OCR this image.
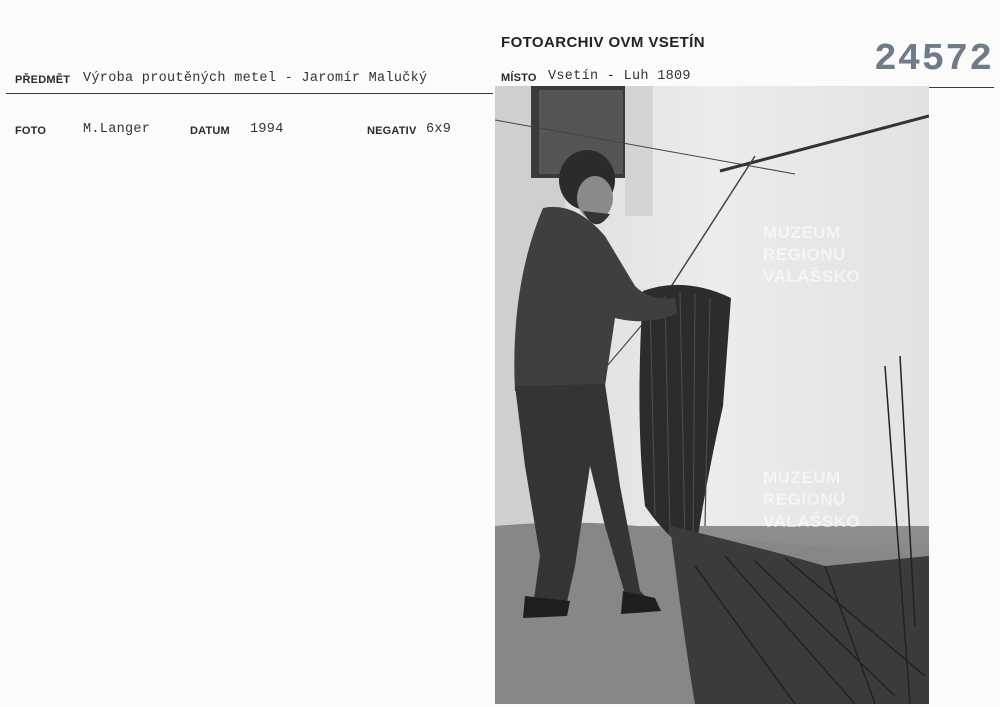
FOTOARCHIV OVM VSETÍN	24572
PŘEDMĚT Výroba proutěných metel - Jaromír Malučký	MÍSTO Vsetín - Luh 1809
FOTO	M.Langer	DATUM 1994	NEGATIV 6x9
MUZEUM
REGIONU
VALAŠSKO
MUZEUM
REGIONU
VALAŠSKO
